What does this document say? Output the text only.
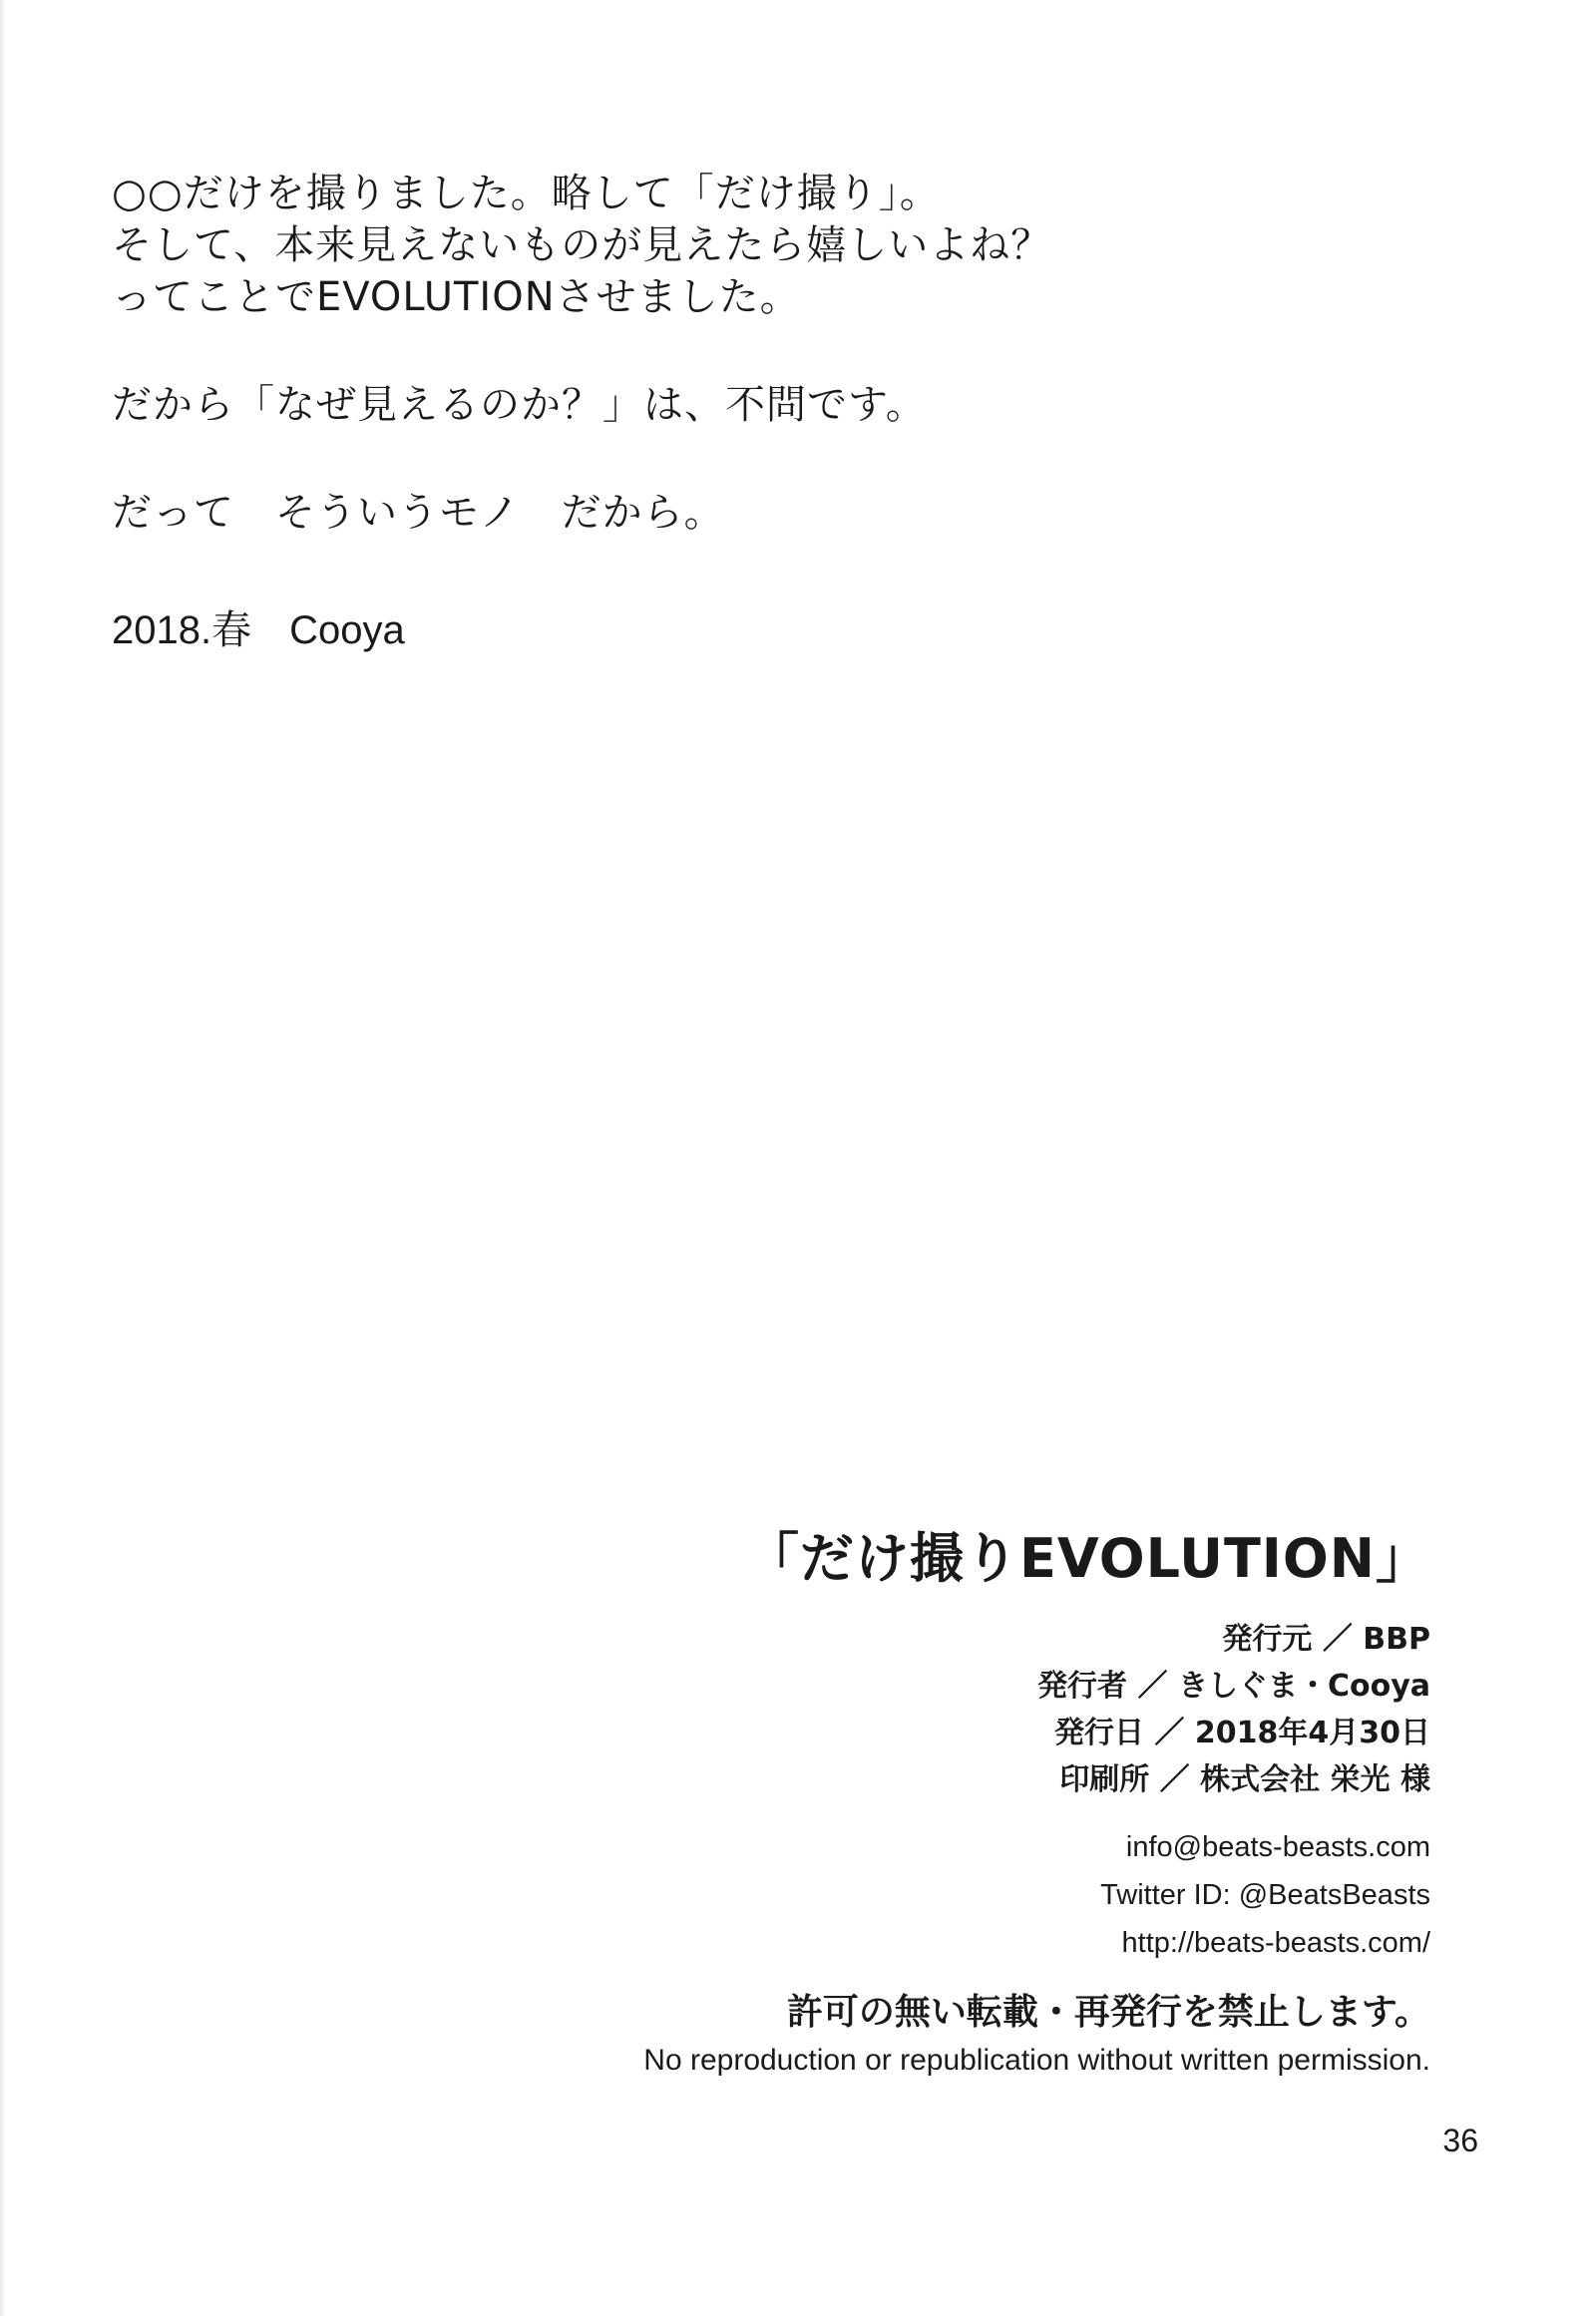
○○だけを撮りました。略して「だけ撮り」。
そして、本来見えないものが見えたら嬉しいよね？
ってことでEVOLUTIONさせました。
だから「なぜ見えるのか？」は、不問です。
だって　そういうモノ　だから。
2018.春 Cooya
「だけ撮りEVOLUTION」
発行元 ／ BBP
発行者 ／ きしぐま・Cooya
発行日 ／ 2018年4月30日
印刷所 ／ 株式会社 栄光 様
info@beats-beasts.com
Twitter ID: @BeatsBeasts
http://beats-beasts.com/
許可の無い転載・再発行を禁止します。
No reproduction or republication without written permission.
36
